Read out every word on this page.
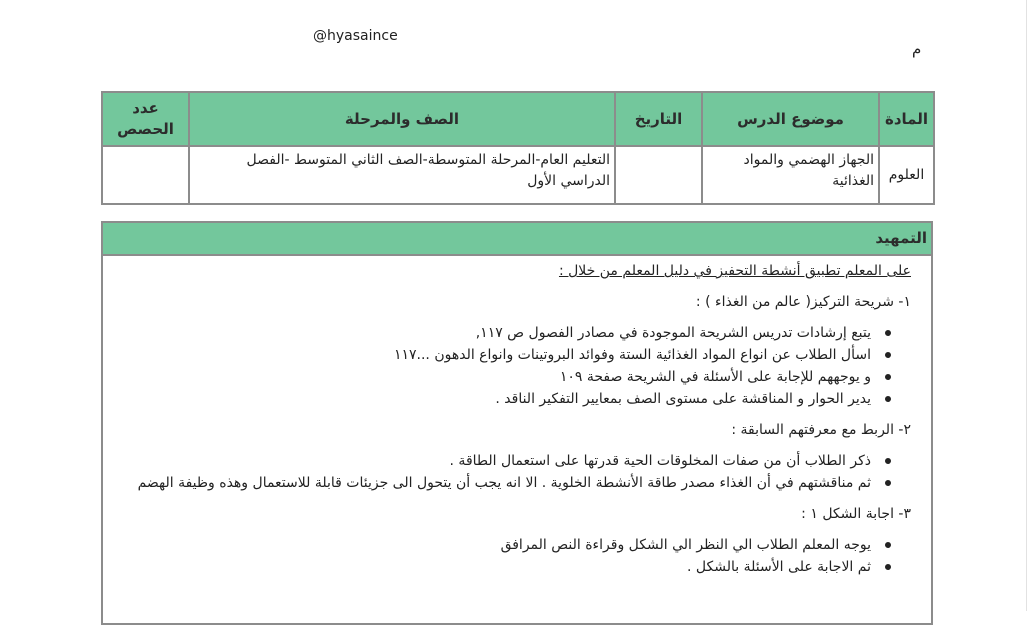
@hyasaince
م
المادة	موضوع الدرس	التاريخ	الصف والمرحلة	عدد الحصص
العلوم	الجهاز الهضمي والمواد الغذائية		التعليم العام-المرحلة المتوسطة-الصف الثاني المتوسط -الفصل الدراسي الأول	
التمهيد

على المعلم تطبيق أنشطة التحفيز في دليل المعلم من خلال :

١- شريحة التركيز( عالم من الغذاء ) :

يتبع إرشادات تدريس الشريحة الموجودة في مصادر الفصول ص ١١٧,
اسأل الطلاب عن انواع المواد الغذائية الستة وفوائد البروتينات وانواع الدهون ...١١٧
و يوجههم للإجابة على الأسئلة في الشريحة صفحة ١٠٩
يدير الحوار و المناقشة على مستوى الصف بمعايير التفكير الناقد .

٢- الربط مع معرفتهم السابقة :

ذكر الطلاب أن من صفات المخلوقات الحية قدرتها على استعمال الطاقة .
ثم مناقشتهم في أن الغذاء مصدر طاقة الأنشطة الخلوية . الا انه يجب أن يتحول الى جزيئات قابلة للاستعمال وهذه وظيفة الهضم

٣- اجابة الشكل ١ :

يوجه المعلم الطلاب الي النظر الي الشكل وقراءة النص المرافق
ثم الاجابة على الأسئلة بالشكل .
